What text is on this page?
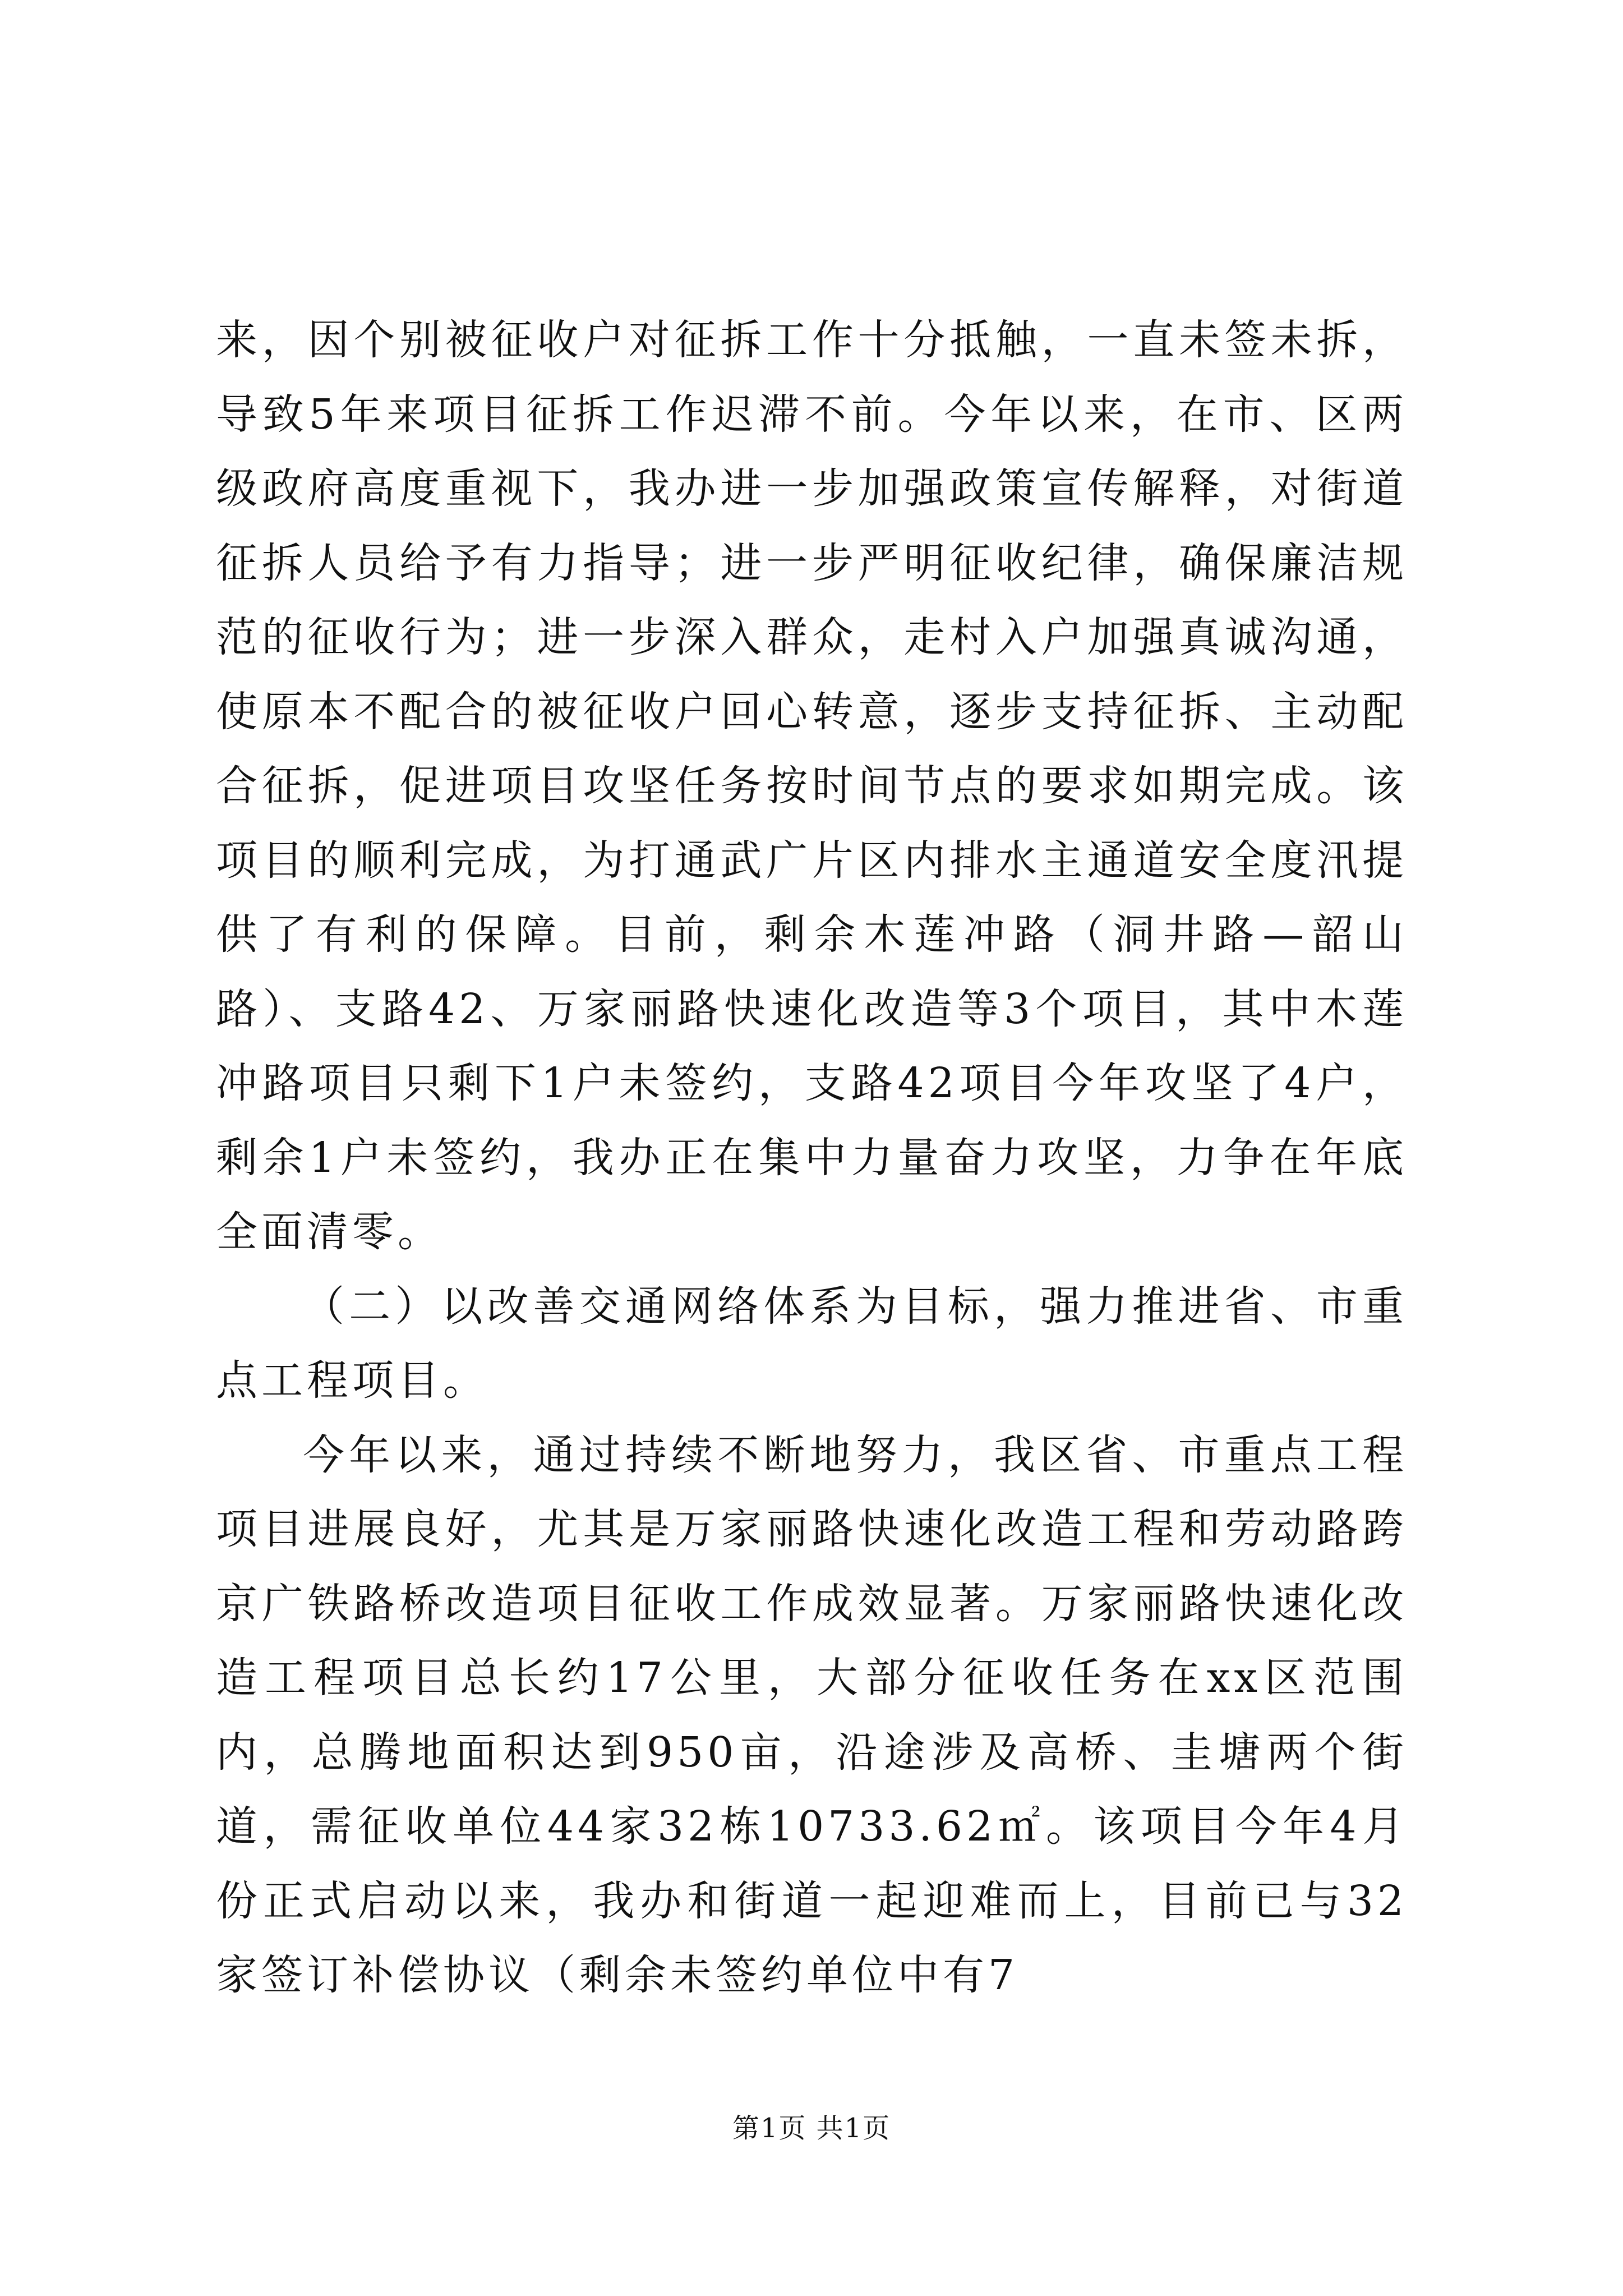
来，因个别被征收户对征拆工作十分抵触，一直未签未拆，导致5年来项目征拆工作迟滞不前。今年以来，在市、区两级政府高度重视下，我办进一步加强政策宣传解释，对街道征拆人员给予有力指导；进一步严明征收纪律，确保廉洁规范的征收行为；进一步深入群众，走村入户加强真诚沟通，使原本不配合的被征收户回心转意，逐步支持征拆、主动配合征拆，促进项目攻坚任务按时间节点的要求如期完成。该项目的顺利完成，为打通武广片区内排水主通道安全度汛提供了有利的保障。目前，剩余木莲冲路（洞井路—韶山路）、支路42、万家丽路快速化改造等3个项目，其中木莲冲路项目只剩下1户未签约，支路42项目今年攻坚了4户，剩余1户未签约，我办正在集中力量奋力攻坚，力争在年底全面清零。

（二）以改善交通网络体系为目标，强力推进省、市重点工程项目。

今年以来，通过持续不断地努力，我区省、市重点工程项目进展良好，尤其是万家丽路快速化改造工程和劳动路跨京广铁路桥改造项目征收工作成效显著。万家丽路快速化改造工程项目总长约17公里，大部分征收任务在xx区范围内，总腾地面积达到950亩，沿途涉及高桥、圭塘两个街道，需征收单位44家32栋10733.62㎡。该项目今年4月份正式启动以来，我办和街道一起迎难而上，目前已与32家签订补偿协议（剩余未签约单位中有7

第1页 共1页
